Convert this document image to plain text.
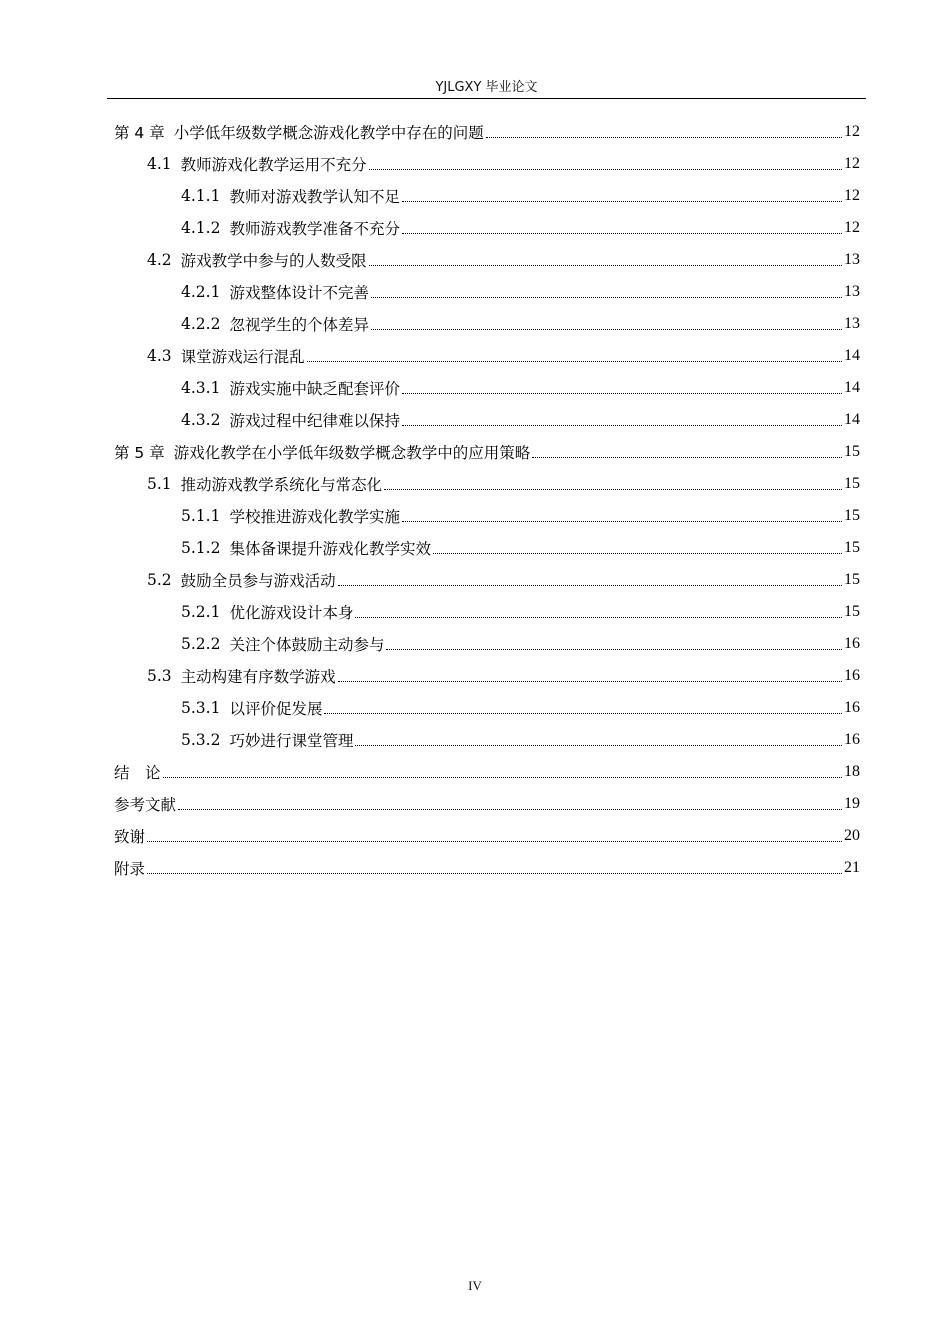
YJLGXY 毕业论文
第 4 章 小学低年级数学概念游戏化教学中存在的问题	12
4.1 教师游戏化教学运用不充分	12
4.1.1 教师对游戏教学认知不足	12
4.1.2 教师游戏教学准备不充分	12
4.2 游戏教学中参与的人数受限	13
4.2.1 游戏整体设计不完善	13
4.2.2 忽视学生的个体差异	13
4.3 课堂游戏运行混乱	14
4.3.1 游戏实施中缺乏配套评价	14
4.3.2 游戏过程中纪律难以保持	14
第 5 章 游戏化教学在小学低年级数学概念教学中的应用策略	15
5.1 推动游戏教学系统化与常态化	15
5.1.1 学校推进游戏化教学实施	15
5.1.2 集体备课提升游戏化教学实效	15
5.2 鼓励全员参与游戏活动	15
5.2.1 优化游戏设计本身	15
5.2.2 关注个体鼓励主动参与	16
5.3 主动构建有序数学游戏	16
5.3.1 以评价促发展	16
5.3.2 巧妙进行课堂管理	16
结　论	18
参考文献	19
致谢	20
附录	21
IV
